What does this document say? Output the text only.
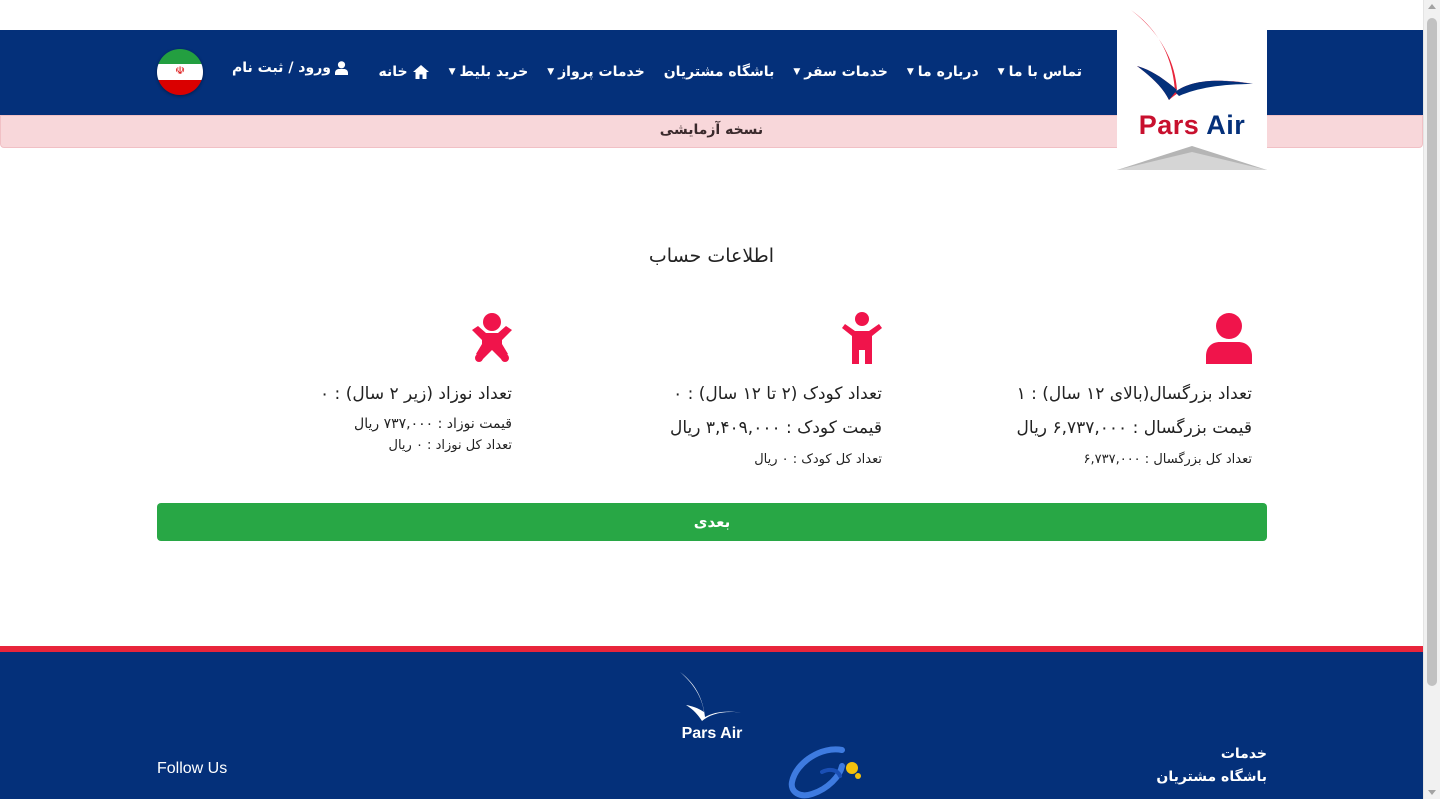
خانه	خرید بلیط
▼	خدمات پرواز
▼	باشگاه مشتریان خدمات سفر
▼	درباره ما
▼	تماس با ما
▼
ورود / ثبت نام
☫
نسخه آزمایشی	Pars Air
اطلاعات حساب
تعداد بزرگسال(بالای ۱۲ سال) : ۱
قیمت بزرگسال : ۶,۷۳۷,۰۰۰ ریال
تعداد کل بزرگسال : ۶,۷۳۷,۰۰۰
تعداد کودک (۲ تا ۱۲ سال) : ۰
قیمت کودک : ۳,۴۰۹,۰۰۰ ریال
تعداد کل کودک : ۰ ریال
تعداد نوزاد (زیر ۲ سال) : ۰
قیمت نوزاد : ۷۳۷,۰۰۰ ریال
تعداد کل نوزاد : ۰ ریال
بعدی
Pars Air
Follow Us
خدمات
باشگاه مشتریان
